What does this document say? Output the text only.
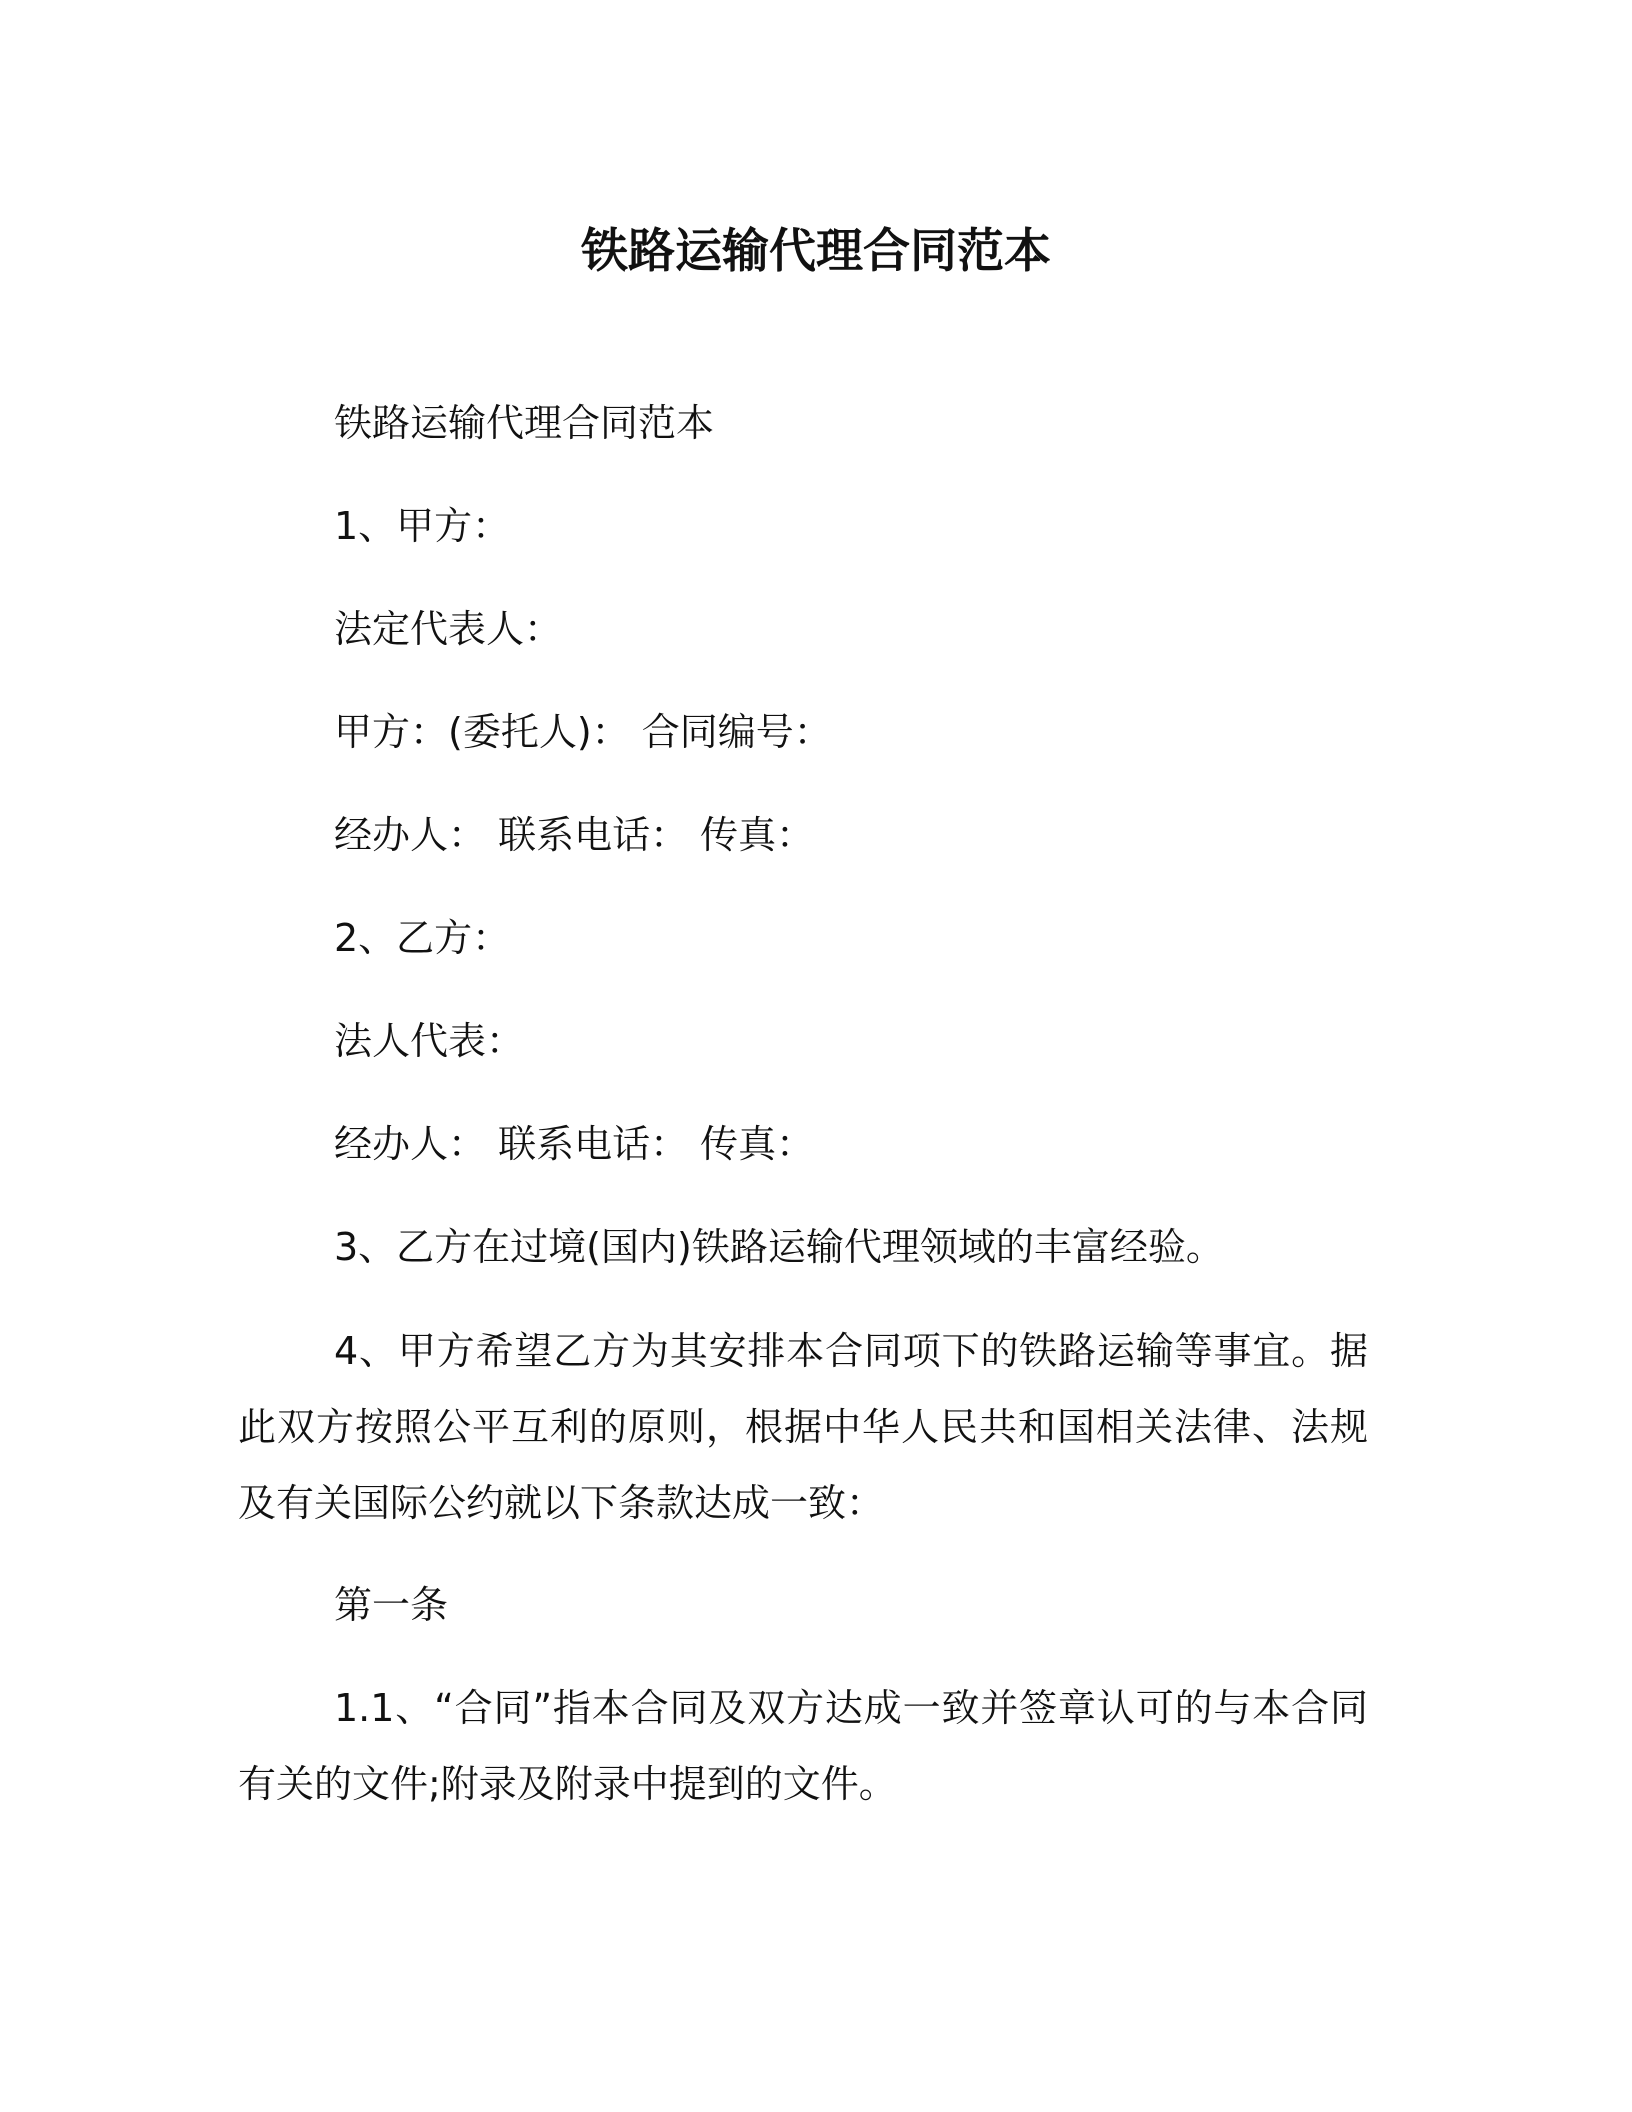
铁路运输代理合同范本
铁路运输代理合同范本
1、甲方：
法定代表人：
甲方：(委托人)： 合同编号：
经办人： 联系电话： 传真：
2、乙方：
法人代表：
经办人： 联系电话： 传真：
3、乙方在过境(国内)铁路运输代理领域的丰富经验。
4、甲方希望乙方为其安排本合同项下的铁路运输等事宜。据此双方按照公平互利的原则，根据中华人民共和国相关法律、法规及有关国际公约就以下条款达成一致：
第一条
1.1、“合同”指本合同及双方达成一致并签章认可的与本合同有关的文件;附录及附录中提到的文件。
